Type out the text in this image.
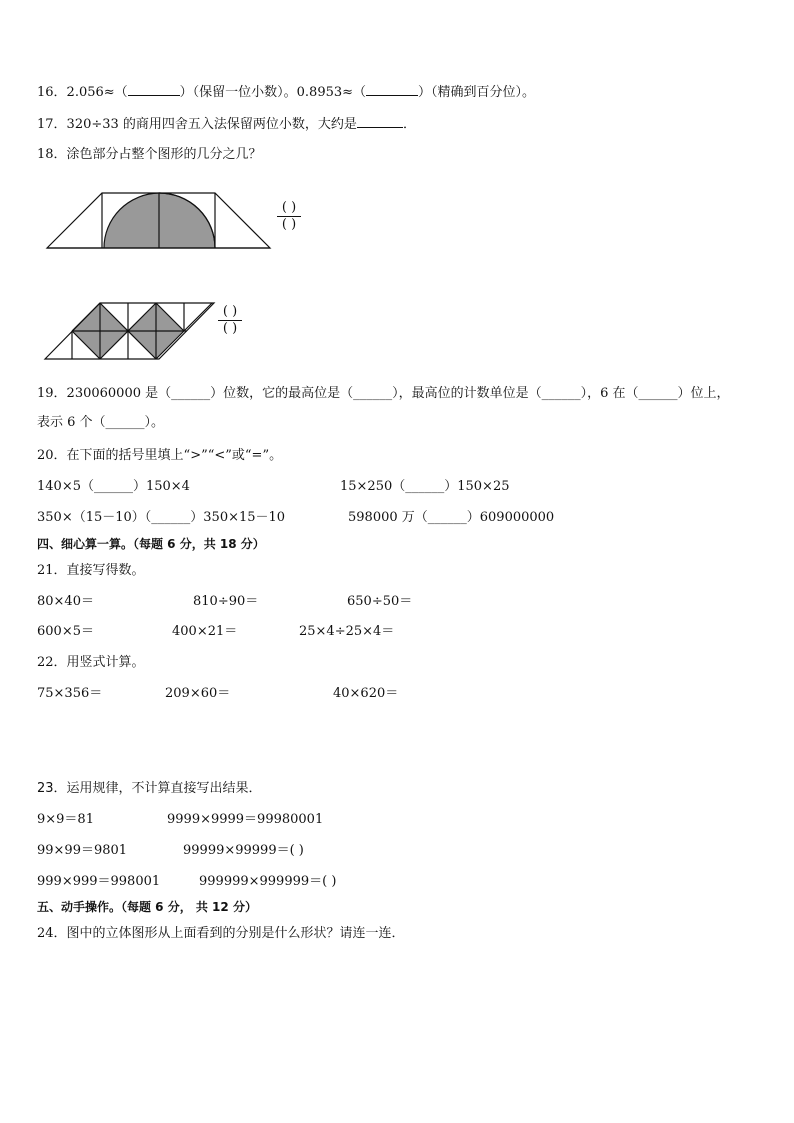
16．2.056≈（	）（保留一位小数）。0.8953≈（	）（精确到百分位）。
17．320÷33 的商用四舍五入法保留两位小数，大约是	．
18．涂色部分占整个图形的几分之几？
( )
( )
( )
( )
19．230060000 是（______）位数，它的最高位是（______），最高位的计数单位是（______），6 在（______）位上，
表示 6 个（______）。
20．在下面的括号里填上“>”“<”或“=”。
140×5（______）150×4	15×250（______）150×25
350×（15－10）（______）350×15－10	598000 万（______）609000000
四、细心算一算。（每题 6 分，共 18 分）
21．直接写得数。
80×40＝	810÷90＝	650÷50＝
600×5＝	400×21＝	25×4÷25×4＝
22．用竖式计算。
75×356＝	209×60＝	40×620＝
23．运用规律，不计算直接写出结果．
9×9＝81	9999×9999＝99980001
99×99＝9801	99999×99999＝( )
999×999＝998001	999999×999999＝( )
五、动手操作。（每题 6 分， 共 12 分）
24．图中的立体图形从上面看到的分别是什么形状？请连一连．
